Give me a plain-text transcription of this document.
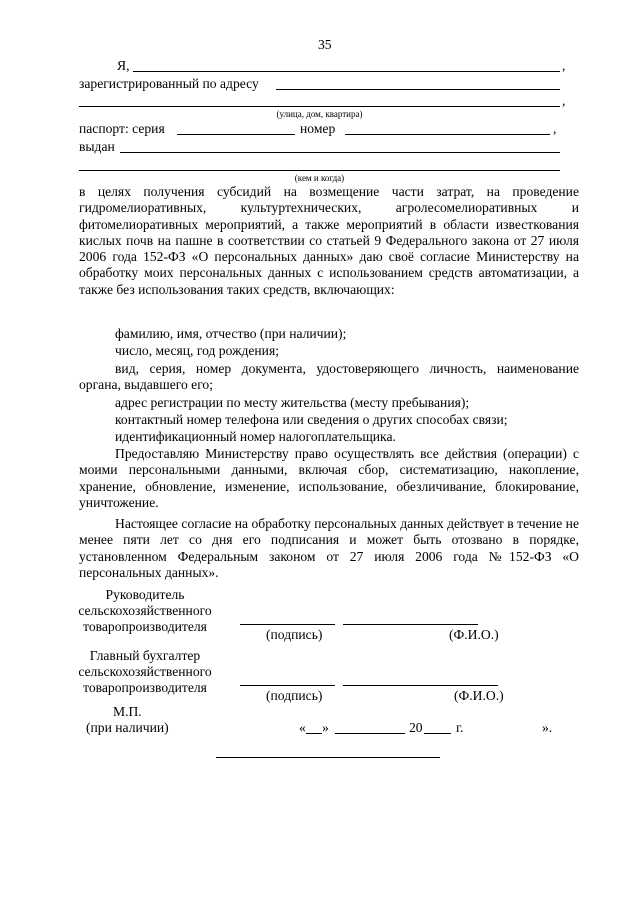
35
Я,	,
зарегистрированный по адресу
,
(улица, дом, квартира)
паспорт: серия	номер	,
выдан
(кем и когда)
в целях получения субсидий на возмещение части затрат, на проведение гидромелиоративных, культуртехнических, агролесомелиоративных и фитомелиоративных мероприятий, а также мероприятий в области известкования кислых почв на пашне в соответствии со статьей 9 Федерального закона от 27 июля 2006 года 152-ФЗ «О персональных данных» даю своё согласие Министерству на обработку моих персональных данных с использованием средств автоматизации, а также без использования таких средств, включающих:
фамилию, имя, отчество (при наличии);
число, месяц, год рождения;
вид, серия, номер документа, удостоверяющего личность, наименование органа, выдавшего его;
адрес регистрации по месту жительства (месту пребывания);
контактный номер телефона или сведения о других способах связи;
идентификационный номер налогоплательщика.
Предоставляю Министерству право осуществлять все действия (операции) с моими персональными данными, включая сбор, систематизацию, накопление, хранение, обновление, изменение, использование, обезличивание, блокирование, уничтожение.
Настоящее согласие на обработку персональных данных действует в течение не менее пяти лет со дня его подписания и может быть отозвано в порядке, установленном Федеральным законом от 27 июля 2006 года №152-ФЗ «О персональных данных».
Руководитель
сельскохозяйственного
товаропроизводителя
(подпись)	(Ф.И.О.)
Главный бухгалтер
сельскохозяйственного
товаропроизводителя
(подпись)	(Ф.И.О.)
М.П.
(при наличии)	« »	20 г.	».
